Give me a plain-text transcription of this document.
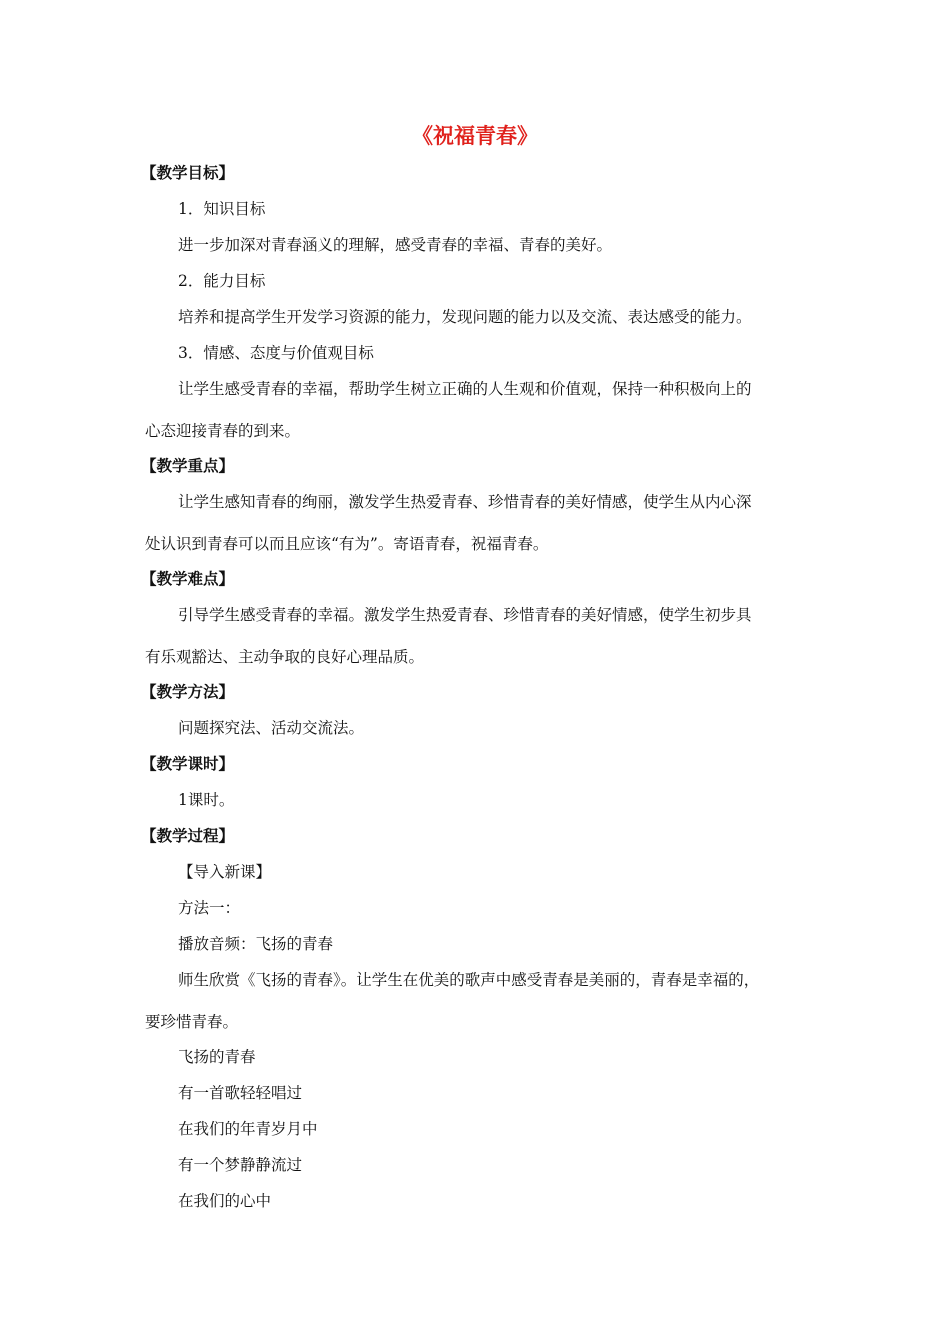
《祝福青春》
【教学目标】
1．知识目标
进一步加深对青春涵义的理解，感受青春的幸福、青春的美好。
2．能力目标
培养和提高学生开发学习资源的能力，发现问题的能力以及交流、表达感受的能力。
3．情感、态度与价值观目标
让学生感受青春的幸福，帮助学生树立正确的人生观和价值观，保持一种积极向上的
心态迎接青春的到来。
【教学重点】
让学生感知青春的绚丽，激发学生热爱青春、珍惜青春的美好情感，使学生从内心深
处认识到青春可以而且应该“有为”。寄语青春，祝福青春。
【教学难点】
引导学生感受青春的幸福。激发学生热爱青春、珍惜青春的美好情感，使学生初步具
有乐观豁达、主动争取的良好心理品质。
【教学方法】
问题探究法、活动交流法。
【教学课时】
1课时。
【教学过程】
【导入新课】
方法一：
播放音频：飞扬的青春
师生欣赏《飞扬的青春》。让学生在优美的歌声中感受青春是美丽的，青春是幸福的，
要珍惜青春。
飞扬的青春
有一首歌轻轻唱过
在我们的年青岁月中
有一个梦静静流过
在我们的心中
